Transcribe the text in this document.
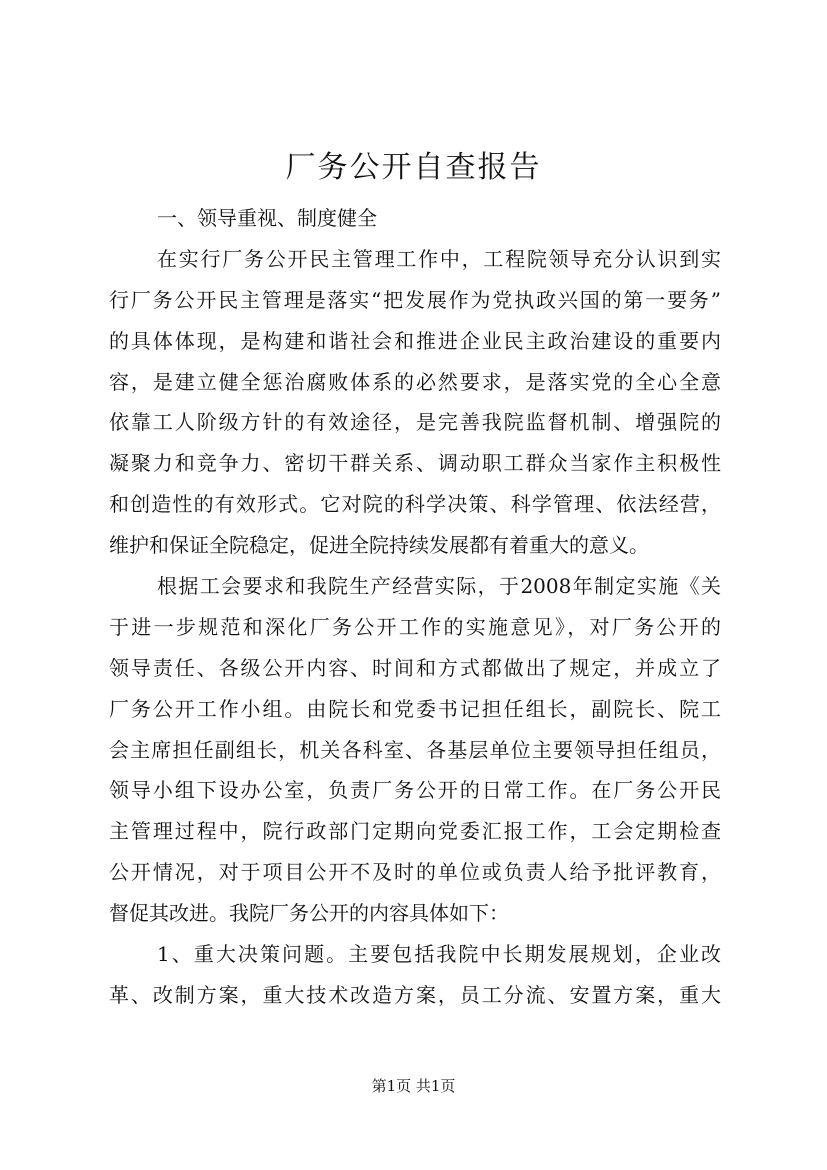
厂务公开自查报告
一、领导重视、制度健全
在实行厂务公开民主管理工作中，工程院领导充分认识到实
行厂务公开民主管理是落实“把发展作为党执政兴国的第一要务”
的具体体现，是构建和谐社会和推进企业民主政治建设的重要内
容，是建立健全惩治腐败体系的必然要求，是落实党的全心全意
依靠工人阶级方针的有效途径，是完善我院监督机制、增强院的
凝聚力和竞争力、密切干群关系、调动职工群众当家作主积极性
和创造性的有效形式。它对院的科学决策、科学管理、依法经营，
维护和保证全院稳定，促进全院持续发展都有着重大的意义。
根据工会要求和我院生产经营实际，于2008年制定实施《关
于进一步规范和深化厂务公开工作的实施意见》，对厂务公开的
领导责任、各级公开内容、时间和方式都做出了规定，并成立了
厂务公开工作小组。由院长和党委书记担任组长，副院长、院工
会主席担任副组长，机关各科室、各基层单位主要领导担任组员，
领导小组下设办公室，负责厂务公开的日常工作。在厂务公开民
主管理过程中，院行政部门定期向党委汇报工作，工会定期检查
公开情况，对于项目公开不及时的单位或负责人给予批评教育，
督促其改进。我院厂务公开的内容具体如下：
1、重大决策问题。主要包括我院中长期发展规划，企业改
革、改制方案，重大技术改造方案，员工分流、安置方案，重大
第1页 共1页
